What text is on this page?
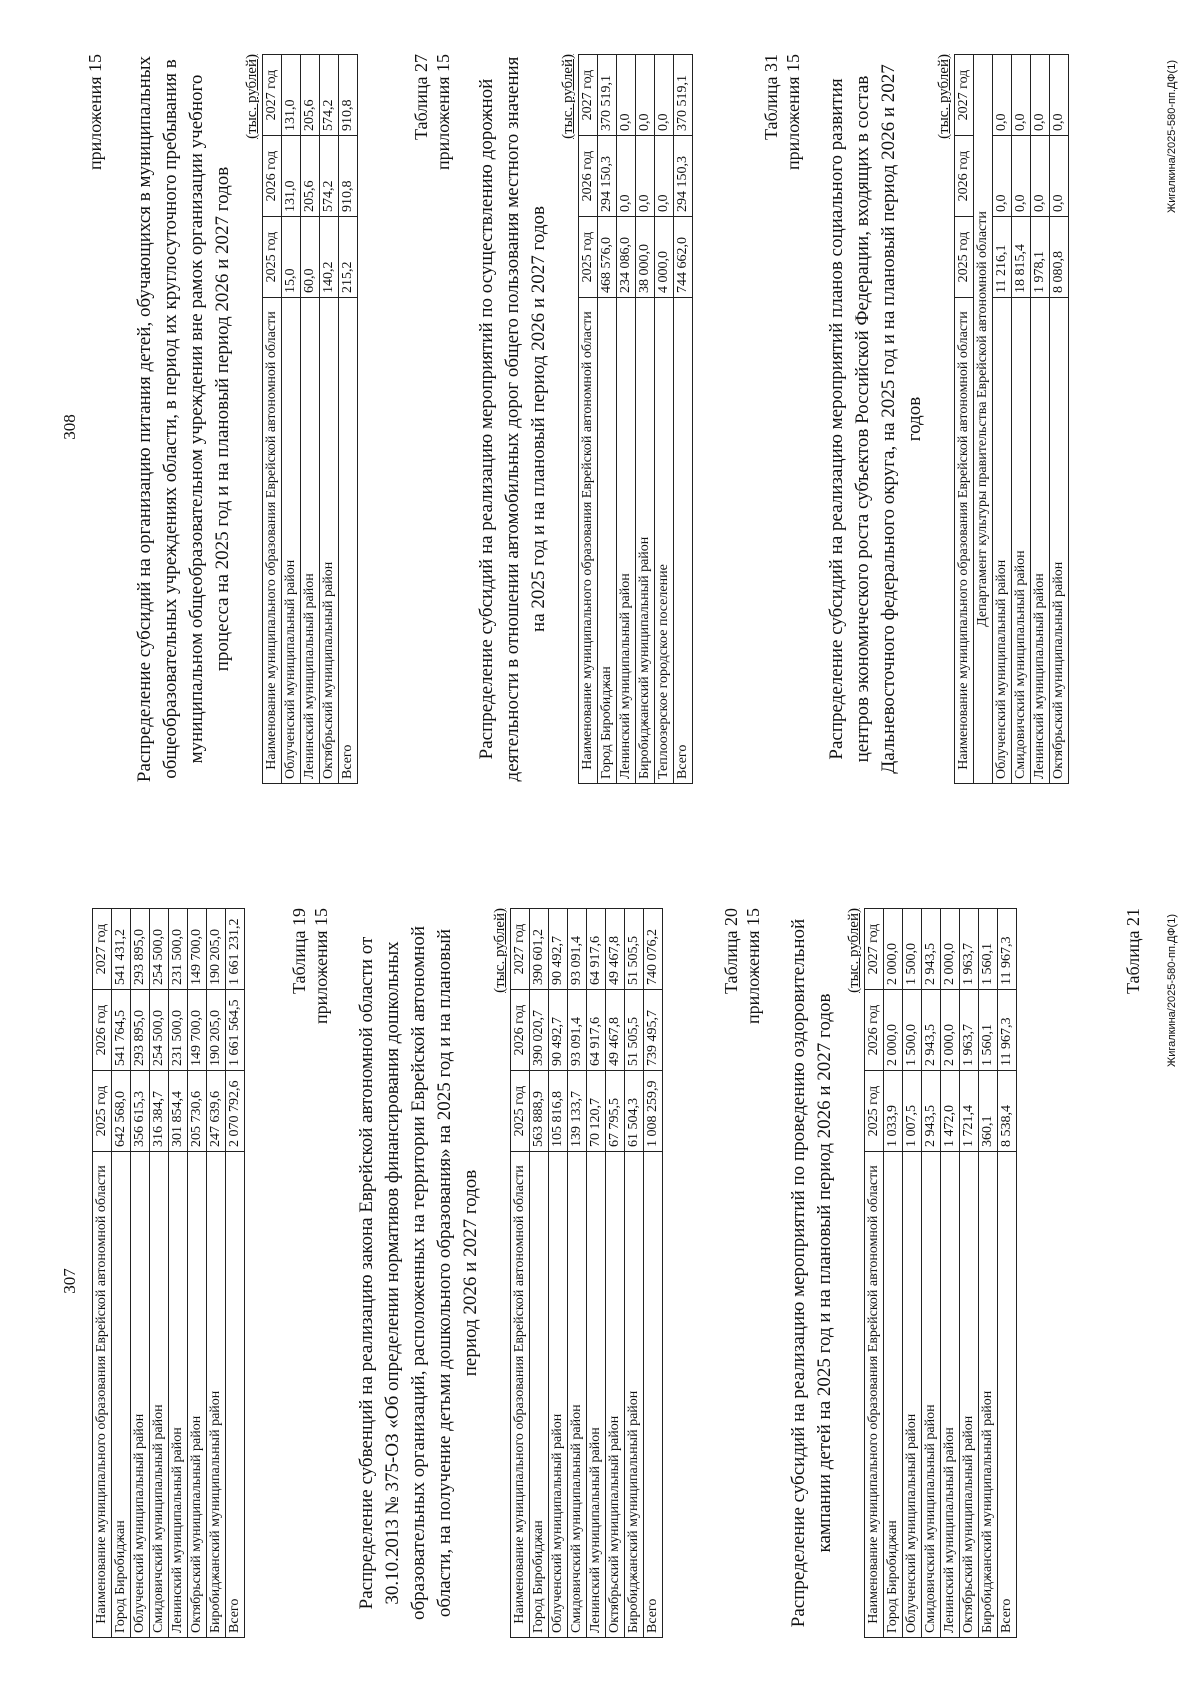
307 Наименование муниципального образования Еврейской автономной области	2025 год	2026 год	2027 год
Город Биробиджан	642 568,0	541 764,5	541 431,2
Облученский муниципальный район	356 615,3	293 895,0	293 895,0
Смидовичский муниципальный район	316 384,7	254 500,0	254 500,0
Ленинский муниципальный район	301 854,4	231 500,0	231 500,0
Октябрьский муниципальный район	205 730,6	149 700,0	149 700,0
Биробиджанский муниципальный район	247 639,6	190 205,0	190 205,0
Всего	2 070 792,6	1 661 564,5	1 661 231,2	Таблица 19 приложения 15 Распределение субвенций на реализацию закона Еврейской автономной области от 30.10.2013 № 375-ОЗ «Об определении нормативов финансирования дошкольных образовательных организаций, расположенных на территории Еврейской автономной области, на получение детьми дошкольного образования» на 2025 год и на плановый период 2026 и 2027 годов
(тыс. рублей)
Наименование муниципального образования Еврейской автономной области	2025 год	2026 год	2027 год
Город Биробиджан	563 888,9	390 020,7	390 601,2
Облученский муниципальный район	105 816,8	90 492,7	90 492,7
Смидовичский муниципальный район	139 133,7	93 091,4	93 091,4
Ленинский муниципальный район	70 120,7	64 917,6	64 917,6
Октябрьский муниципальный район	67 795,5	49 467,8	49 467,8
Биробиджанский муниципальный район	61 504,3	51 505,5	51 505,5
Всего	1 008 259,9	739 495,7	740 076,2	Таблица 20 приложения 15 Распределение субсидий на реализацию мероприятий по проведению оздоровительной кампании детей на 2025 год и на плановый период 2026 и 2027 годов
(тыс. рублей)
Наименование муниципального образования Еврейской автономной области	2025 год	2026 год	2027 год
Город Биробиджан	1 033,9	2 000,0	2 000,0
Облученский муниципальный район	1 007,5	1 500,0	1 500,0
Смидовичский муниципальный район	2 943,5	2 943,5	2 943,5
Ленинский муниципальный район	1 472,0	2 000,0	2 000,0
Октябрьский муниципальный район	1 721,4	1 963,7	1 963,7
Биробиджанский муниципальный район	360,1	1 560,1	1 560,1
Всего	8 538,4	11 967,3	11 967,3	Таблица 21 Жигалкина/2025-580-пп.ДФ(1)
308
приложения 15 Распределение субсидий на организацию питания детей, обучающихся в муниципальных общеобразовательных учреждениях области, в период их круглосуточного пребывания в муниципальном общеобразовательном учреждении вне рамок организации учебного процесса на 2025 год и на плановый период 2026 и 2027 годов
(тыс. рублей)
Наименование муниципального образования Еврейской автономной области	2025 год	2026 год	2027 год
Облученский муниципальный район	15,0	131,0	131,0
Ленинский муниципальный район	60,0	205,6	205,6
Октябрьский муниципальный район	140,2	574,2	574,2
Всего	215,2	910,8	910,8	Таблица 27 приложения 15 Распределение субсидий на реализацию мероприятий по осуществлению дорожной деятельности в отношении автомобильных дорог общего пользования местного значения на 2025 год и на плановый период 2026 и 2027 годов
(тыс. рублей)
Наименование муниципального образования Еврейской автономной области	2025 год	2026 год	2027 год
Город Биробиджан	468 576,0	294 150,3	370 519,1
Ленинский муниципальный район	234 086,0	0,0	0,0
Биробиджанский муниципальный район	38 000,0	0,0	0,0
Теплоозерское городское поселение	4 000,0	0,0	0,0
Всего	744 662,0	294 150,3	370 519,1	Таблица 31 приложения 15 Распределение субсидий на реализацию мероприятий планов социального развития центров экономического роста субъектов Российской Федерации, входящих в состав Дальневосточного федерального округа, на 2025 год и на плановый период 2026 и 2027 годов
(тыс. рублей)
Наименование муниципального образования Еврейской автономной области	2025 год	2026 год	2027 год
Департамент культуры правительства Еврейской автономной области			
Облученский муниципальный район	11 216,1	0,0	0,0
Смидовичский муниципальный район	18 815,4	0,0	0,0
Ленинский муниципальный район	1 978,1	0,0	0,0
Октябрьский муниципальный район	8 080,8	0,0	0,0	Жигалкина/2025-580-пп.ДФ(1)
